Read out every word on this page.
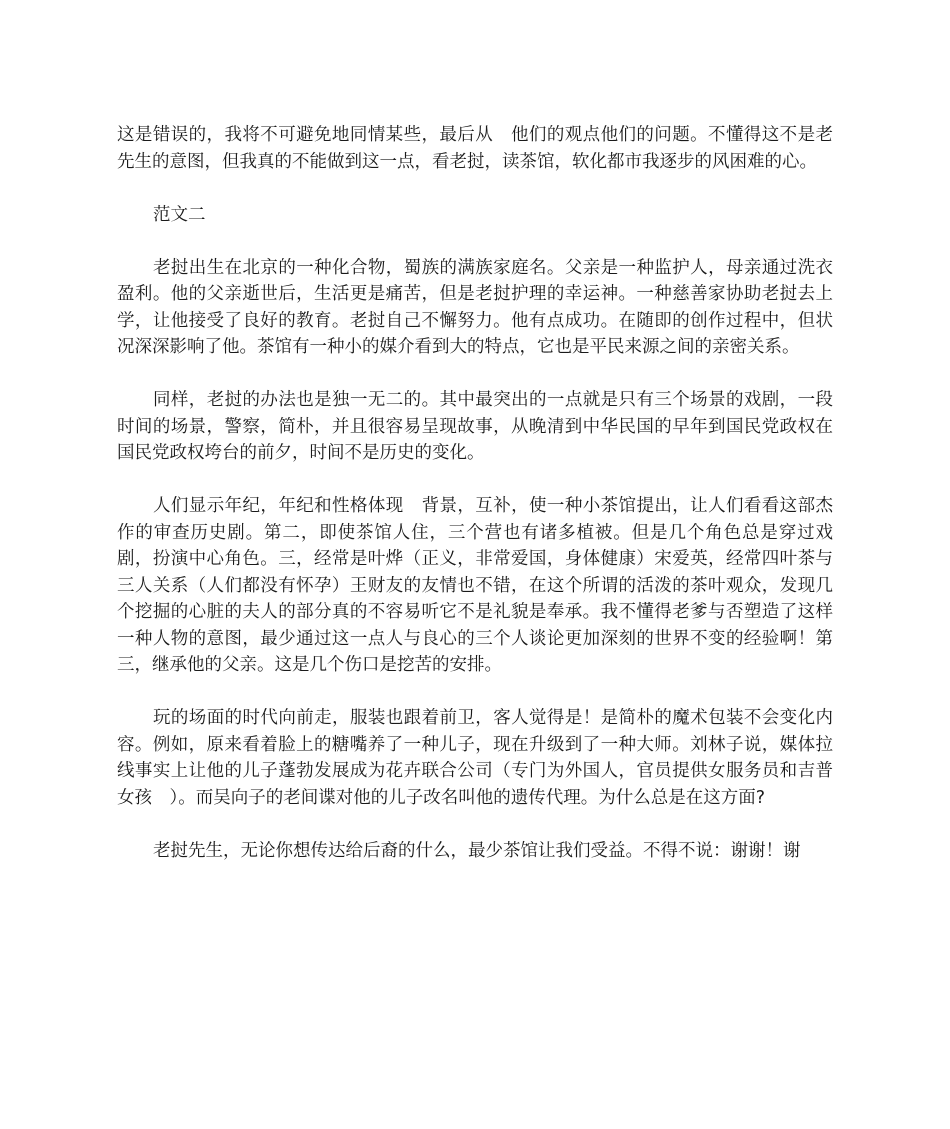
这是错误的，我将不可避免地同情某些，最后从　他们的观点他们的问题。不懂得这不是老先生的意图，但我真的不能做到这一点，看老挝，读茶馆，软化都市我逐步的风困难的心。

范文二

老挝出生在北京的一种化合物，蜀族的满族家庭名。父亲是一种监护人，母亲通过洗衣盈利。他的父亲逝世后，生活更是痛苦，但是老挝护理的幸运神。一种慈善家协助老挝去上学，让他接受了良好的教育。老挝自己不懈努力。他有点成功。在随即的创作过程中，但状况深深影响了他。茶馆有一种小的媒介看到大的特点，它也是平民来源之间的亲密关系。

同样，老挝的办法也是独一无二的。其中最突出的一点就是只有三个场景的戏剧，一段时间的场景，警察，简朴，并且很容易呈现故事，从晚清到中华民国的早年到国民党政权在国民党政权垮台的前夕，时间不是历史的变化。

人们显示年纪，年纪和性格体现　背景，互补，使一种小茶馆提出，让人们看看这部杰作的审查历史剧。第二，即使茶馆人住，三个营也有诸多植被。但是几个角色总是穿过戏剧，扮演中心角色。三，经常是叶烨（正义，非常爱国，身体健康）宋爱英，经常四叶茶与三人关系（人们都没有怀孕）王财友的友情也不错，在这个所谓的活泼的茶叶观众，发现几个挖掘的心脏的夫人的部分真的不容易听它不是礼貌是奉承。我不懂得老爹与否塑造了这样一种人物的意图，最少通过这一点人与良心的三个人谈论更加深刻的世界不变的经验啊！第三，继承他的父亲。这是几个伤口是挖苦的安排。

玩的场面的时代向前走，服装也跟着前卫，客人觉得是！是简朴的魔术包装不会变化内容。例如，原来看着脸上的糖嘴养了一种儿子，现在升级到了一种大师。刘林子说，媒体拉线事实上让他的儿子蓬勃发展成为花卉联合公司（专门为外国人，官员提供女服务员和吉普女孩　）。而吴向子的老间谍对他的儿子改名叫他的遗传代理。为什么总是在这方面?

老挝先生，无论你想传达给后裔的什么，最少茶馆让我们受益。不得不说：谢谢！谢
